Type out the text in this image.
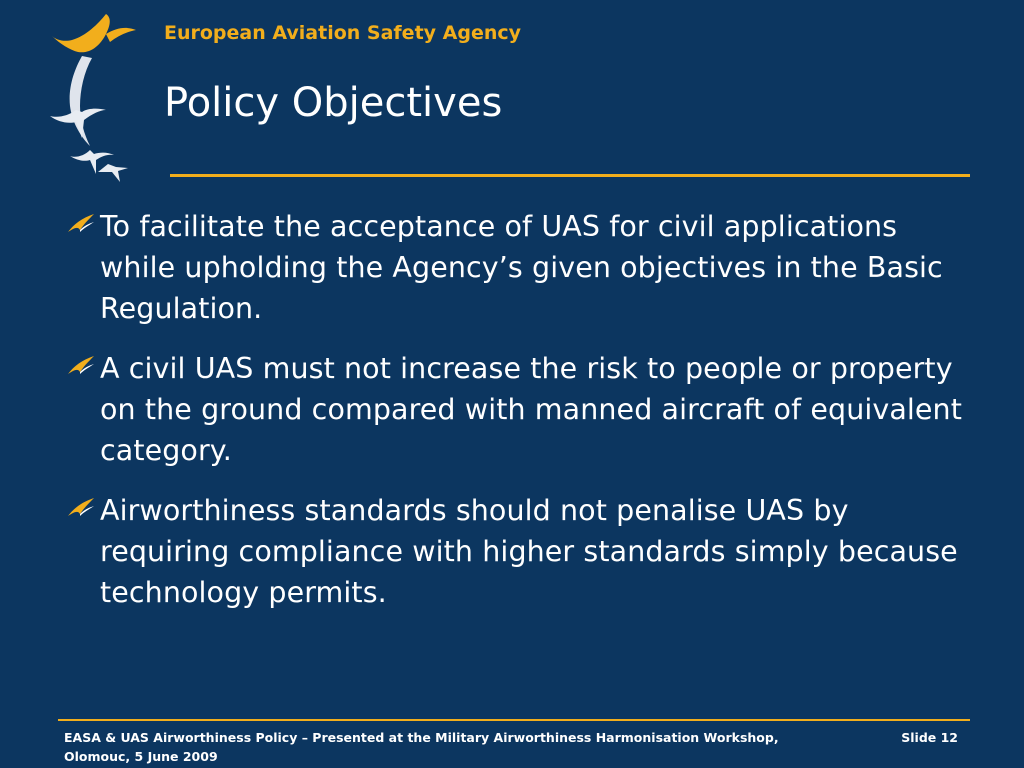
European Aviation Safety Agency
Policy Objectives
To facilitate the acceptance of UAS for civil applications while upholding the Agency’s given objectives in the Basic Regulation.
A civil UAS must not increase the risk to people or property on the ground compared with manned aircraft of equivalent category.
Airworthiness standards should not penalise UAS by requiring compliance with higher standards simply because technology permits.
EASA & UAS Airworthiness Policy – Presented at the Military Airworthiness Harmonisation Workshop, Olomouc, 5 June 2009
Slide 12
